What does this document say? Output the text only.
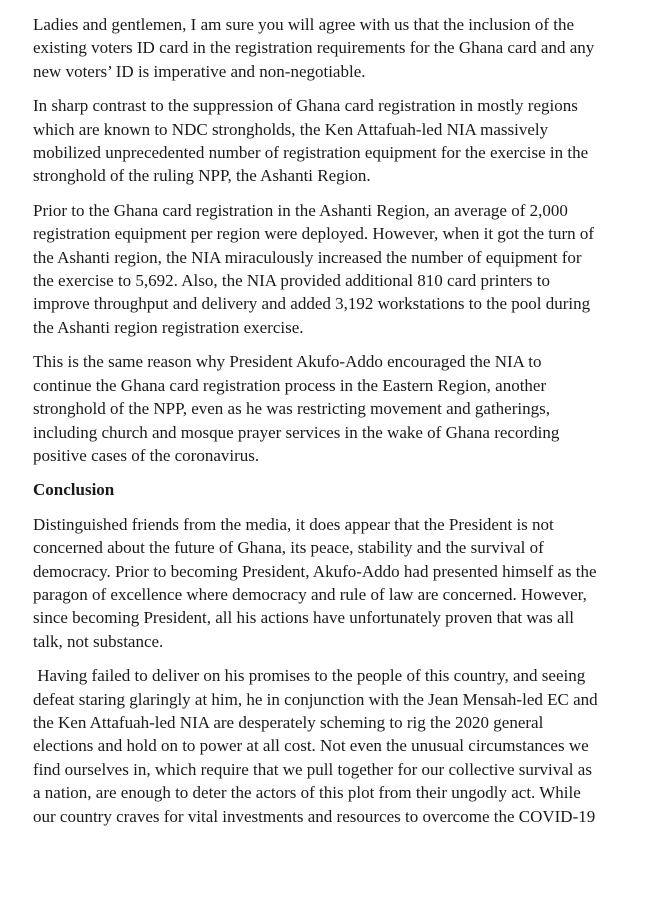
Ladies and gentlemen, I am sure you will agree with us that the inclusion of the
existing voters ID card in the registration requirements for the Ghana card and any
new voters’ ID is imperative and non-negotiable.

In sharp contrast to the suppression of Ghana card registration in mostly regions
which are known to NDC strongholds, the Ken Attafuah-led NIA massively
mobilized unprecedented number of registration equipment for the exercise in the
stronghold of the ruling NPP, the Ashanti Region.

Prior to the Ghana card registration in the Ashanti Region, an average of 2,000
registration equipment per region were deployed. However, when it got the turn of
the Ashanti region, the NIA miraculously increased the number of equipment for
the exercise to 5,692. Also, the NIA provided additional 810 card printers to
improve throughput and delivery and added 3,192 workstations to the pool during
the Ashanti region registration exercise.

This is the same reason why President Akufo-Addo encouraged the NIA to
continue the Ghana card registration process in the Eastern Region, another
stronghold of the NPP, even as he was restricting movement and gatherings,
including church and mosque prayer services in the wake of Ghana recording
positive cases of the coronavirus.

Conclusion

Distinguished friends from the media, it does appear that the President is not
concerned about the future of Ghana, its peace, stability and the survival of
democracy. Prior to becoming President, Akufo-Addo had presented himself as the
paragon of excellence where democracy and rule of law are concerned. However,
since becoming President, all his actions have unfortunately proven that was all
talk, not substance.

Having failed to deliver on his promises to the people of this country, and seeing
defeat staring glaringly at him, he in conjunction with the Jean Mensah-led EC and
the Ken Attafuah-led NIA are desperately scheming to rig the 2020 general
elections and hold on to power at all cost. Not even the unusual circumstances we
find ourselves in, which require that we pull together for our collective survival as
a nation, are enough to deter the actors of this plot from their ungodly act. While
our country craves for vital investments and resources to overcome the COVID-19
